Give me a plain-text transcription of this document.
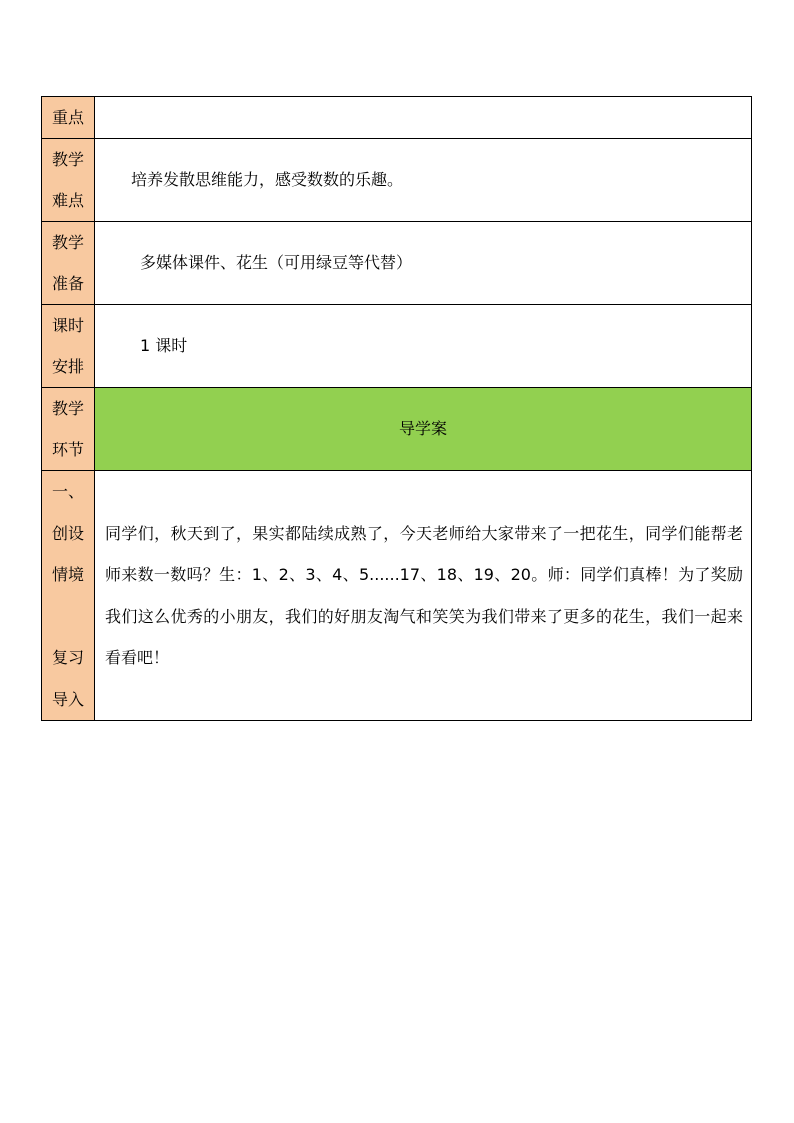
重点	

教学
难点	培养发散思维能力，感受数数的乐趣。

教学
准备	多媒体课件、花生（可用绿豆等代替）

课时
安排	1 课时

教学
环节	导学案

一、
创设
情境

复习
导入	同学们，秋天到了，果实都陆续成熟了，今天老师给大家带来了一把花生，同学们能帮老师来数一数吗？生：1、2、3、4、5......17、18、19、20。师：同学们真棒！为了奖励我们这么优秀的小朋友，我们的好朋友淘气和笑笑为我们带来了更多的花生，我们一起来看看吧！
